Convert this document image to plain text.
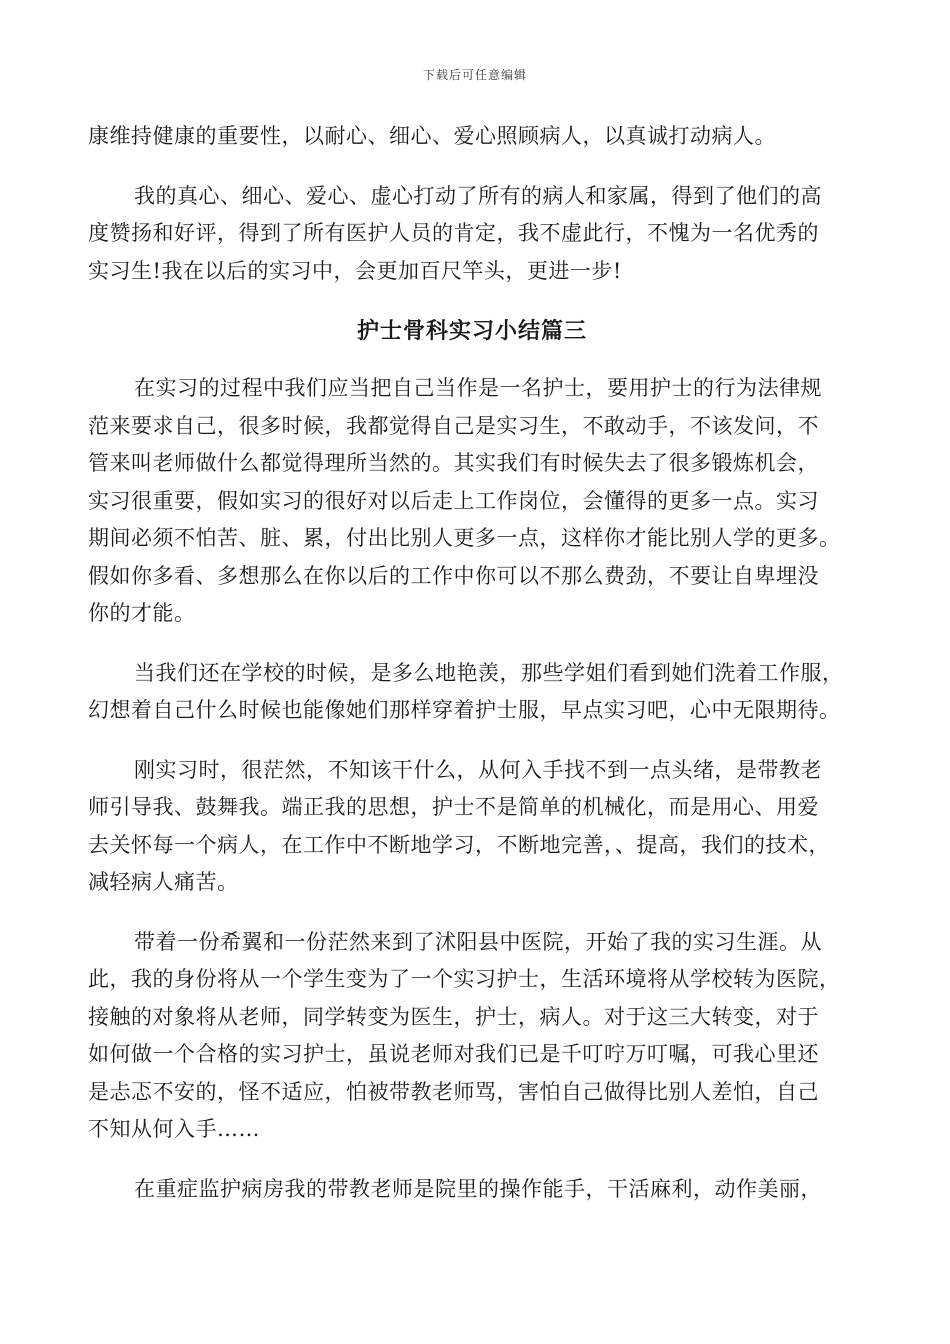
下载后可任意编辑
康维持健康的重要性，以耐心、细心、爱心照顾病人，以真诚打动病人。
我的真心、细心、爱心、虚心打动了所有的病人和家属，得到了他们的高
度赞扬和好评，得到了所有医护人员的肯定，我不虚此行，不愧为一名优秀的
实习生!我在以后的实习中，会更加百尺竿头，更进一步!
护士骨科实习小结篇三
在实习的过程中我们应当把自己当作是一名护士，要用护士的行为法律规
范来要求自己，很多时候，我都觉得自己是实习生，不敢动手，不该发问，不
管来叫老师做什么都觉得理所当然的。其实我们有时候失去了很多锻炼机会，
实习很重要，假如实习的很好对以后走上工作岗位，会懂得的更多一点。实习
期间必须不怕苦、脏、累，付出比别人更多一点，这样你才能比别人学的更多。
假如你多看、多想那么在你以后的工作中你可以不那么费劲，不要让自卑埋没
你的才能。
当我们还在学校的时候，是多么地艳羡，那些学姐们看到她们洗着工作服，
幻想着自己什么时候也能像她们那样穿着护士服，早点实习吧，心中无限期待。
刚实习时，很茫然，不知该干什么，从何入手找不到一点头绪，是带教老
师引导我、鼓舞我。端正我的思想，护士不是简单的机械化，而是用心、用爱
去关怀每一个病人，在工作中不断地学习，不断地完善，、提高，我们的技术，
减轻病人痛苦。
带着一份希翼和一份茫然来到了沭阳县中医院，开始了我的实习生涯。从
此，我的身份将从一个学生变为了一个实习护士，生活环境将从学校转为医院，
接触的对象将从老师，同学转变为医生，护士，病人。对于这三大转变，对于
如何做一个合格的实习护士，虽说老师对我们已是千叮咛万叮嘱，可我心里还
是忐忑不安的，怪不适应，怕被带教老师骂，害怕自己做得比别人差怕，自己
不知从何入手……
在重症监护病房我的带教老师是院里的操作能手，干活麻利，动作美丽，
